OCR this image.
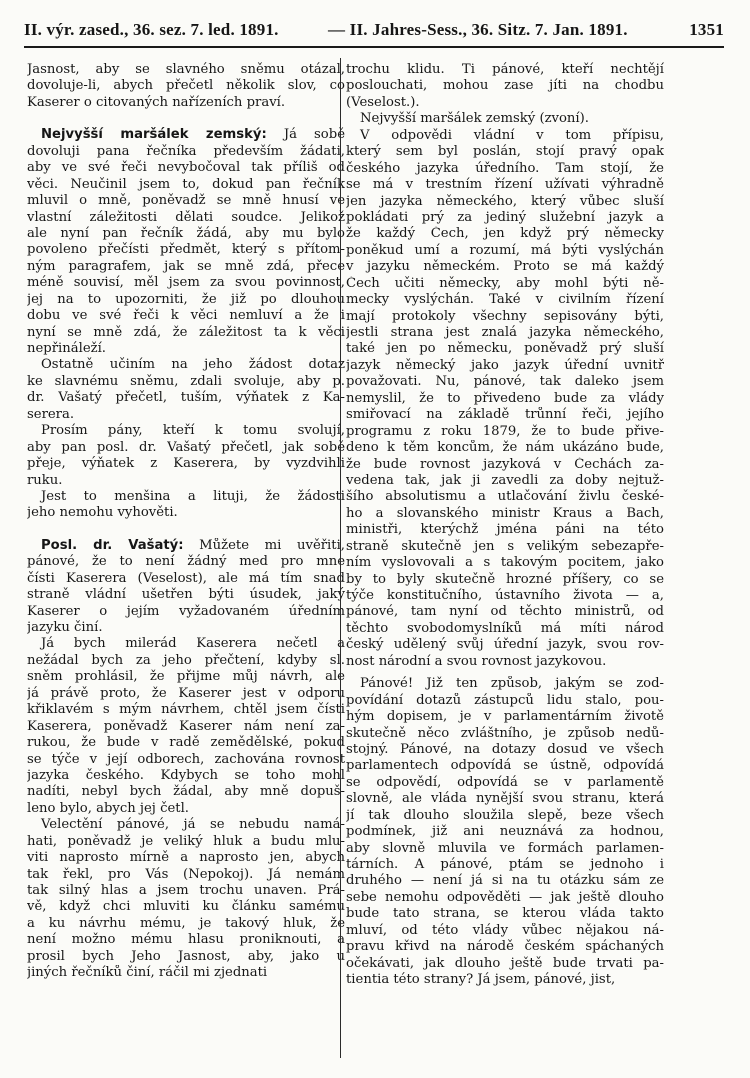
II. výr. zased., 36. sez. 7. led. 1891.	— II. Jahres-Sess., 36. Sitz. 7. Jan. 1891.	1351
Jasnost, aby se slavného sněmu otázal,
dovoluje-li, abych přečetl několik slov, co
Kaserer o citovaných nařízeních praví.
Nejvyšší maršálek zemský: Já sobě
dovoluji pana řečníka především žádati,
aby ve své řeči nevybočoval tak příliš od
věci. Neučinil jsem to, dokud pan řečník
mluvil o mně, poněvadž se mně hnusí ve
vlastní záležitosti dělati soudce. Jelikož
ale nyní pan řečník žádá, aby mu bylo
povoleno přečísti předmět, který s přítom-
ným paragrafem, jak se mně zdá, přece
méně souvisí, měl jsem za svou povinnost,
jej na to upozorniti, že již po dlouhou
dobu ve své řeči k věci nemluví a že i
nyní se mně zdá, že záležitost ta k věci
nepřináleží.
Ostatně učiním na jeho žádost dotaz
ke slavnému sněmu, zdali svoluje, aby p.
dr. Vašatý přečetl, tuším, výňatek z Ka-
serera.
Prosím pány, kteří k tomu svolují,
aby pan posl. dr. Vašatý přečetl, jak sobě
přeje, výňatek z Kaserera, by vyzdvihli
ruku.
Jest to menšina a lituji, že žádosti
jeho nemohu vyhověti.
Posl. dr. Vašatý: Můžete mi uvěřiti,
pánové, že to není žádný med pro mne
čísti Kaserera (Veselost), ale má tím snad
straně vládní ušetřen býti úsudek, jaký
Kaserer o jejím vyžadovaném úředním
jazyku činí.
Já bych milerád Kaserera nečetl a
nežádal bych za jeho přečtení, kdyby sl.
sněm prohlásil, že přijme můj návrh, ale
já právě proto, že Kaserer jest v odporu
křiklavém s mým návrhem, chtěl jsem čísti
Kaserera, poněvadž Kaserer nám není za-
rukou, že bude v radě zemědělské, pokud
se týče v její odborech, zachována rovnost
jazyka českého. Kdybych se toho mohl
nadíti, nebyl bych žádal, aby mně dopuš-
leno bylo, abych jej četl.
Velectění pánové, já se nebudu namá-
hati, poněvadž je veliký hluk a budu mlu-
viti naprosto mírně a naprosto jen, abych
tak řekl, pro Vás (Nepokoj). Já nemám
tak silný hlas a jsem trochu unaven. Prá-
vě, když chci mluviti ku článku samému
a ku návrhu mému, je takový hluk, že
není možno mému hlasu proniknouti, a
prosil bych Jeho Jasnost, aby, jako u
jiných řečníků činí, ráčil mi zjednati
trochu klidu. Ti pánové, kteří nechtějí
poslouchati, mohou zase jíti na chodbu
(Veselost.).
Nejvyšší maršálek zemský (zvoní).
V odpovědi vládní v tom přípisu,
který sem byl poslán, stojí pravý opak
českého jazyka úředního. Tam stojí, že
se má v trestním řízení užívati výhradně
jen jazyka německého, který vůbec sluší
pokládati prý za jediný služební jazyk a
že každý Čech, jen když prý německy
poněkud umí a rozumí, má býti vyslýchán
v jazyku německém. Proto se má každý
Čech učiti německy, aby mohl býti ně-
mecky vyslýchán. Také v civilním řízení
mají protokoly všechny sepisovány býti,
jestli strana jest znalá jazyka německého,
také jen po německu, poněvadž prý sluší
jazyk německý jako jazyk úřední uvnitř
považovati. Nu, pánové, tak daleko jsem
nemyslil, že to přivedeno bude za vlády
smiřovací na základě trůnní řeči, jejího
programu z roku 1879, že to bude přive-
deno k těm koncům, že nám ukázáno bude,
že bude rovnost jazyková v Čechách za-
vedena tak, jak ji zavedli za doby nejtuž-
šího absolutismu a utlačování živlu české-
ho a slovanského ministr Kraus a Bach,
ministři, kterýchž jména páni na této
straně skutečně jen s velikým sebezapře-
ním vyslovovali a s takovým pocitem, jako
by to byly skutečně hrozné příšery, co se
týče konstitučního, ústavního života — a,
pánové, tam nyní od těchto ministrů, od
těchto svobodomyslníků má míti národ
český udělený svůj úřední jazyk, svou rov-
nost národní a svou rovnost jazykovou.
Pánové! Již ten způsob, jakým se zod-
povídání dotazů zástupců lidu stalo, pou-
hým dopisem, je v parlamentárním životě
skutečně něco zvláštního, je způsob nedů-
stojný. Pánové, na dotazy dosud ve všech
parlamentech odpovídá se ústně, odpovídá
se odpovědí, odpovídá se v parlamentě
slovně, ale vláda nynější svou stranu, která
jí tak dlouho sloužila slepě, beze všech
podmínek, již ani neuznává za hodnou,
aby slovně mluvila ve formách parlamen-
tárních. A pánové, ptám se jednoho i
druhého — není já si na tu otázku sám ze
sebe nemohu odpověděti — jak ještě dlouho
bude tato strana, se kterou vláda takto
mluví, od této vlády vůbec nějakou ná-
pravu křivd na národě českém spáchaných
očekávati, jak dlouho ještě bude trvati pa-
tientia této strany? Já jsem, pánové, jist,
